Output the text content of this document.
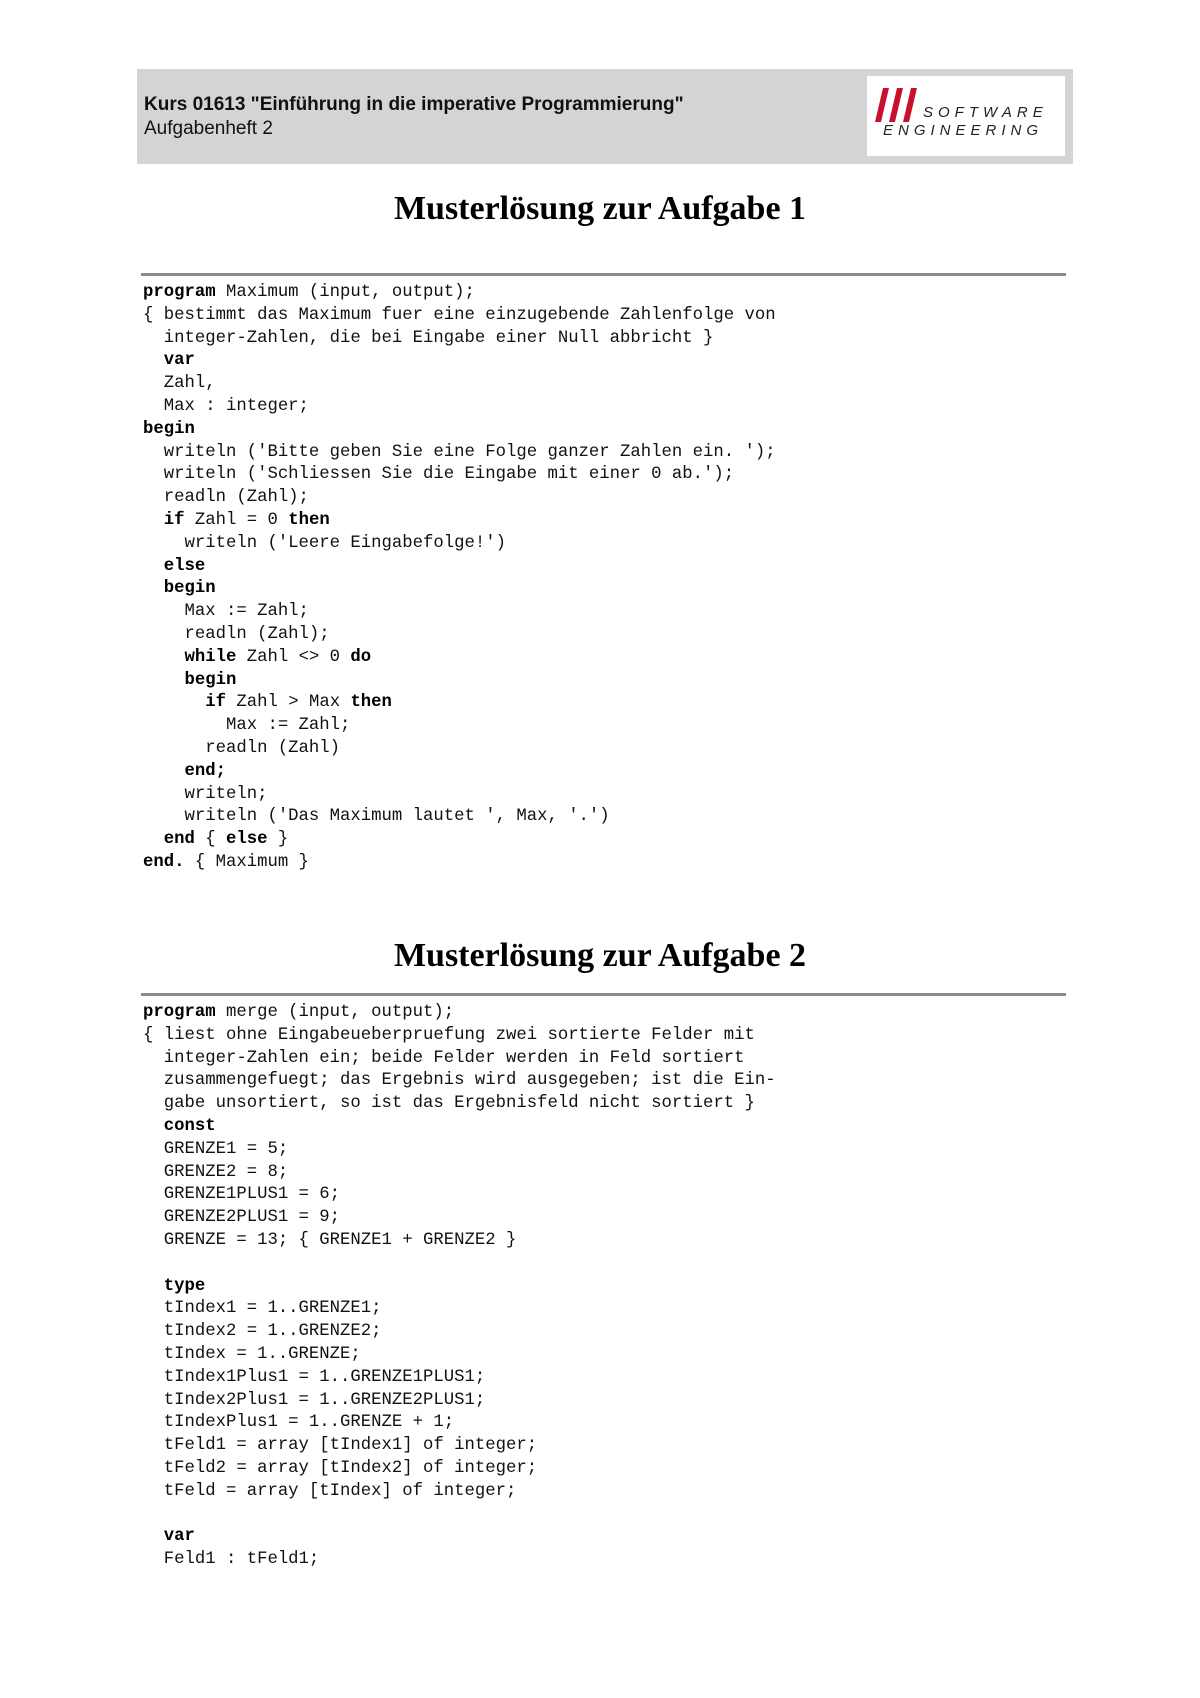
Kurs 01613 "Einführung in die imperative Programmierung"
Aufgabenheft 2
SOFTWARE
ENGINEERING
Musterlösung zur Aufgabe 1
program Maximum (input, output);
{ bestimmt das Maximum fuer eine einzugebende Zahlenfolge von
integer-Zahlen, die bei Eingabe einer Null abbricht }
var
Zahl,
Max : integer;
begin
writeln ('Bitte geben Sie eine Folge ganzer Zahlen ein. ');
writeln ('Schliessen Sie die Eingabe mit einer 0 ab.');
readln (Zahl);
if Zahl = 0 then
writeln ('Leere Eingabefolge!')
else
begin
Max := Zahl;
readln (Zahl);
while Zahl <> 0 do
begin
if Zahl > Max then
Max := Zahl;
readln (Zahl)
end;
writeln;
writeln ('Das Maximum lautet ', Max, '.')
end { else }
end. { Maximum }
Musterlösung zur Aufgabe 2
program merge (input, output);
{ liest ohne Eingabeueberpruefung zwei sortierte Felder mit
integer-Zahlen ein; beide Felder werden in Feld sortiert
zusammengefuegt; das Ergebnis wird ausgegeben; ist die Ein-
gabe unsortiert, so ist das Ergebnisfeld nicht sortiert }
const
GRENZE1 = 5;
GRENZE2 = 8;
GRENZE1PLUS1 = 6;
GRENZE2PLUS1 = 9;
GRENZE = 13; { GRENZE1 + GRENZE2 }
type
tIndex1 = 1..GRENZE1;
tIndex2 = 1..GRENZE2;
tIndex = 1..GRENZE;
tIndex1Plus1 = 1..GRENZE1PLUS1;
tIndex2Plus1 = 1..GRENZE2PLUS1;
tIndexPlus1 = 1..GRENZE + 1;
tFeld1 = array [tIndex1] of integer;
tFeld2 = array [tIndex2] of integer;
tFeld = array [tIndex] of integer;
var
Feld1 : tFeld1;
